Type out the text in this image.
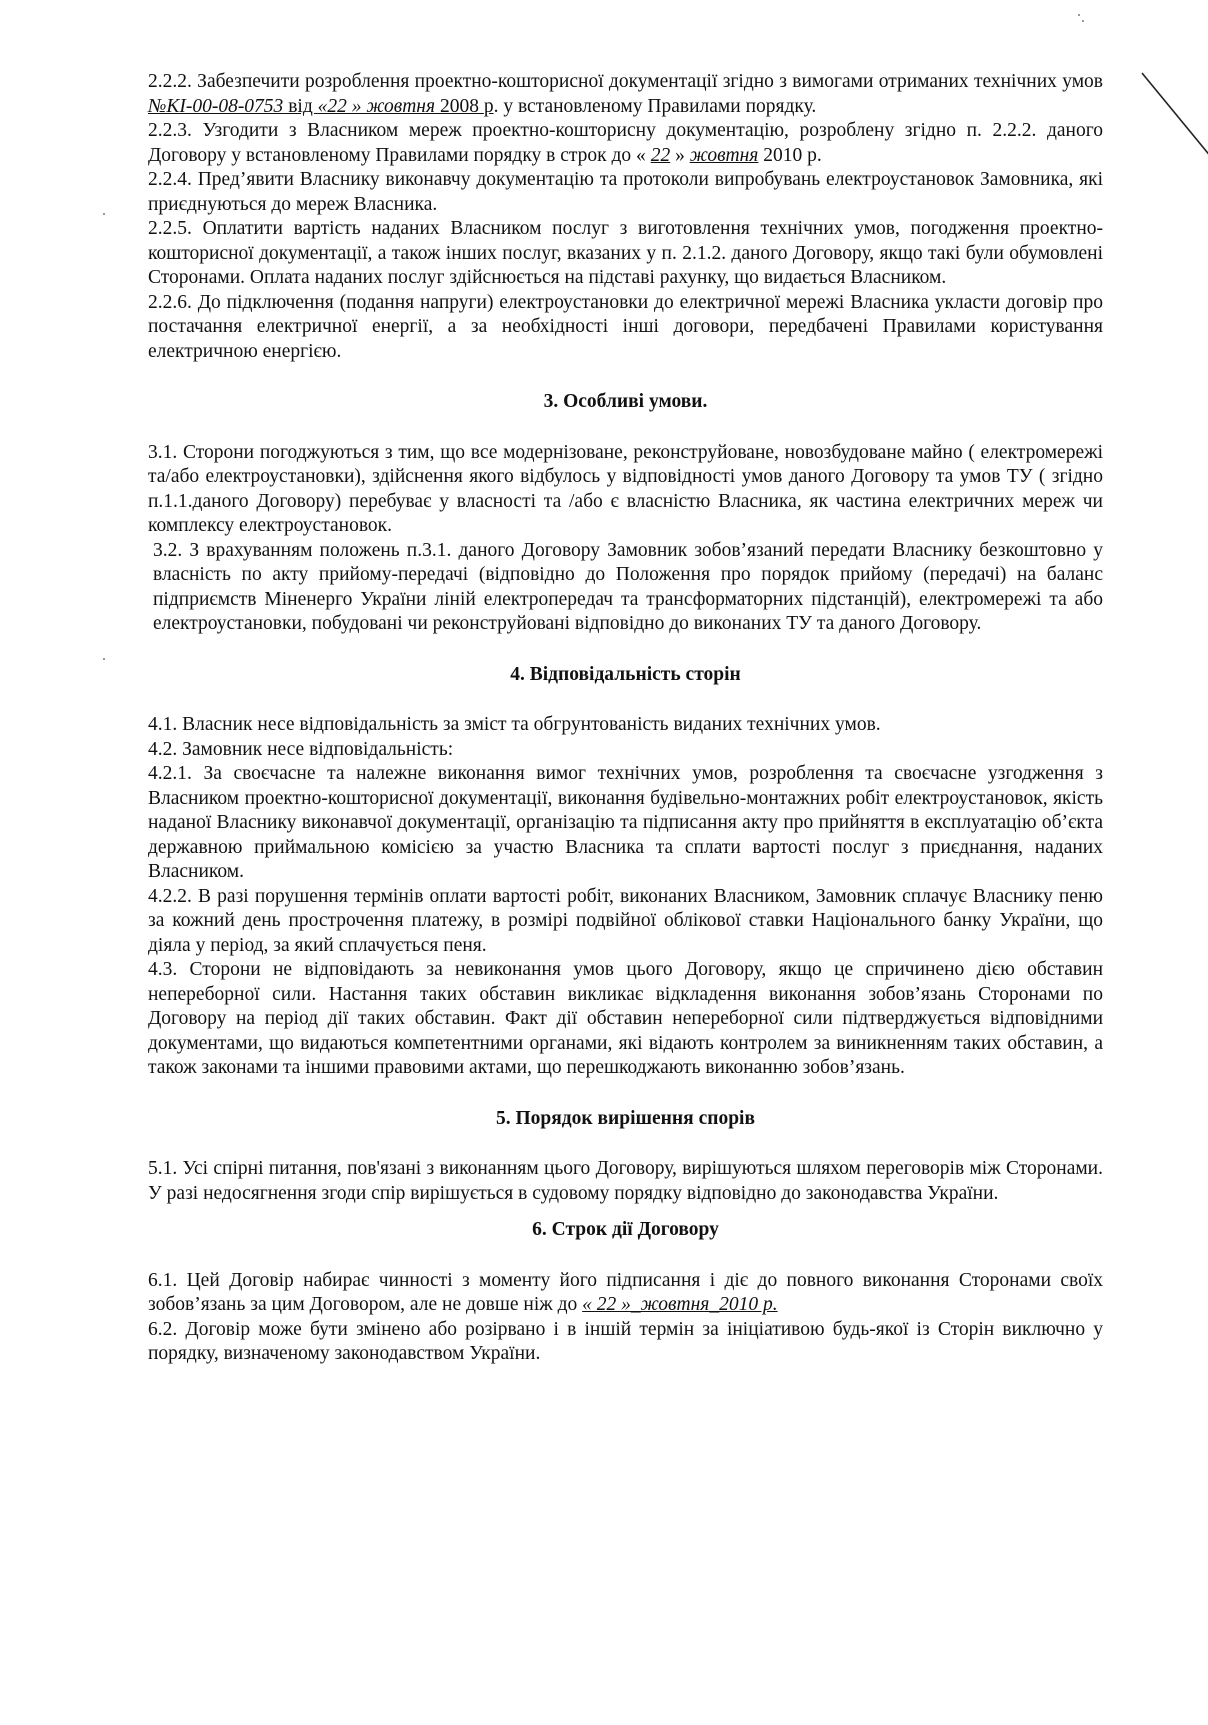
2.2.2. Забезпечити розроблення проектно-кошторисної документації згідно з вимогами отриманих технічних умов №КІ-00-08-0753 від «22 » жовтня 2008 р. у встановленому Правилами порядку.

2.2.3. Узгодити з Власником мереж проектно-кошторисну документацію, розроблену згідно п. 2.2.2. даного Договору у встановленому Правилами порядку в строк до « 22 » жовтня 2010 р.

2.2.4. Пред’явити Власнику виконавчу документацію та протоколи випробувань електроустановок Замовника, які приєднуються до мереж Власника.

2.2.5. Оплатити вартість наданих Власником послуг з виготовлення технічних умов, погодження проектно-кошторисної документації, а також інших послуг, вказаних у п. 2.1.2. даного Договору, якщо такі були обумовлені Сторонами. Оплата наданих послуг здійснюється на підставі рахунку, що видається Власником.

2.2.6. До підключення (подання напруги) електроустановки до електричної мережі Власника укласти договір про постачання електричної енергії, а за необхідності інші договори, передбачені Правилами користування електричною енергією.

3. Особливі умови.

3.1. Сторони погоджуються з тим, що все модернізоване, реконструйоване, новозбудоване майно ( електромережі та/або електроустановки), здійснення якого відбулось у відповідності умов даного Договору та умов ТУ ( згідно п.1.1.даного Договору) перебуває у власності та /або є власністю Власника, як частина електричних мереж чи комплексу електроустановок.

3.2. З врахуванням положень п.3.1. даного Договору Замовник зобов’язаний передати Власнику безкоштовно у власність по акту прийому-передачі (відповідно до Положення про порядок прийому (передачі) на баланс підприємств Міненерго України ліній електропередач та трансформаторних підстанцій), електромережі та або електроустановки, побудовані чи реконструйовані відповідно до виконаних ТУ та даного Договору.

4. Відповідальність сторін

4.1. Власник несе відповідальність за зміст та обгрунтованість виданих технічних умов.

4.2. Замовник несе відповідальність:

4.2.1. За своєчасне та належне виконання вимог технічних умов, розроблення та своєчасне узгодження з Власником проектно-кошторисної документації, виконання будівельно-монтажних робіт електроустановок, якість наданої Власнику виконавчої документації, організацію та підписання акту про прийняття в експлуатацію об’єкта державною приймальною комісією за участю Власника та сплати вартості послуг з приєднання, наданих Власником.

4.2.2. В разі порушення термінів оплати вартості робіт, виконаних Власником, Замовник сплачує Власнику пеню за кожний день прострочення платежу, в розмірі подвійної облікової ставки Національного банку України, що діяла у період, за який сплачується пеня.

4.3. Сторони не відповідають за невиконання умов цього Договору, якщо це спричинено дією обставин непереборної сили. Настання таких обставин викликає відкладення виконання зобов’язань Сторонами по Договору на період дії таких обставин. Факт дії обставин непереборної сили підтверджується відповідними документами, що видаються компетентними органами, які відають контролем за виникненням таких обставин, а також законами та іншими правовими актами, що перешкоджають виконанню зобов’язань.

5. Порядок вирішення спорів

5.1. Усі спірні питання, пов'язані з виконанням цього Договору, вирішуються шляхом переговорів між Сторонами. У разі недосягнення згоди спір вирішується в судовому порядку відповідно до законодавства України.

6. Строк дії Договору

6.1. Цей Договір набирає чинності з моменту його підписання і діє до повного виконання Сторонами своїх зобов’язань за цим Договором, але не довше ніж до « 22 »_жовтня_2010 р.

6.2. Договір може бути змінено або розірвано і в іншій термін за ініціативою будь-якої із Сторін виключно у порядку, визначеному законодавством України.
